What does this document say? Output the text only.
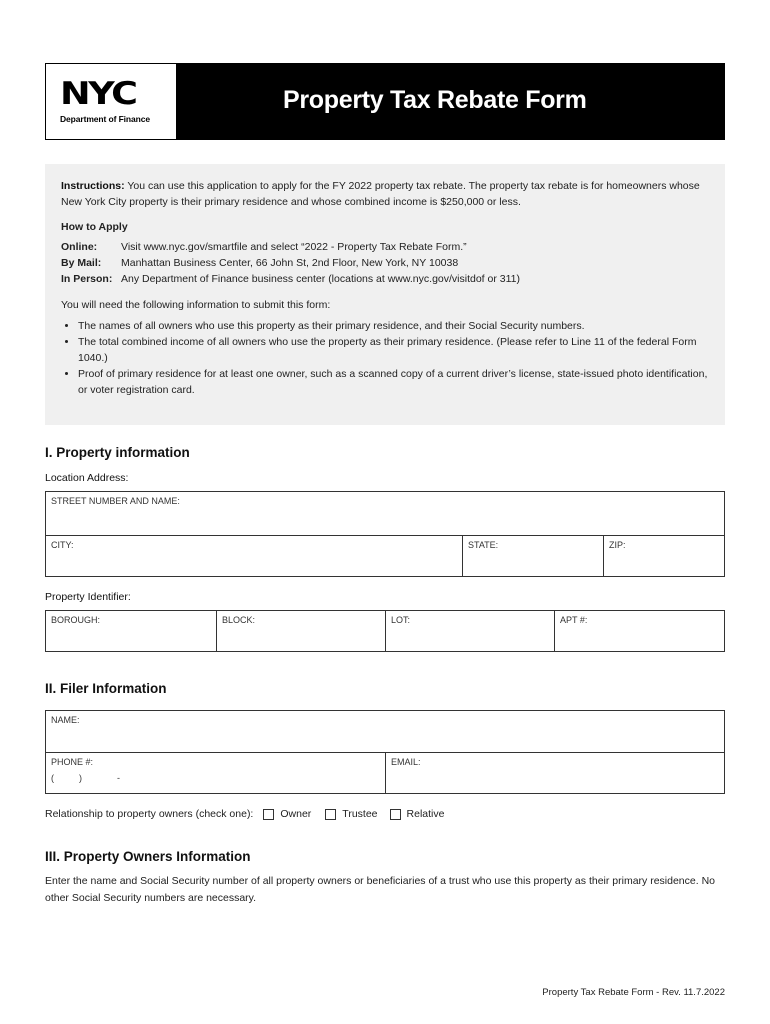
NYC
Department of Finance
Property Tax Rebate Form

Instructions: You can use this application to apply for the FY 2022 property tax rebate. The property tax rebate is for homeowners whose New York City property is their primary residence and whose combined income is $250,000 or less.

How to Apply

Online:	Visit www.nyc.gov/smartfile and select “2022 - Property Tax Rebate Form.”
By Mail:	Manhattan Business Center, 66 John St, 2nd Floor, New York, NY 10038
In Person: Any Department of Finance business center (locations at www.nyc.gov/visitdof or 311)

You will need the following information to submit this form:

• The names of all owners who use this property as their primary residence, and their Social Security numbers.
• The total combined income of all owners who use the property as their primary residence. (Please refer to Line 11 of the federal Form 1040.)
• Proof of primary residence for at least one owner, such as a scanned copy of a current driver’s license, state-issued photo identification, or voter registration card.
I. Property information
Location Address:
STREET NUMBER AND NAME:
CITY:	STATE:	ZIP:
Property Identifier:
BOROUGH:	BLOCK:	LOT:	APT #:
II. Filer Information
NAME:
PHONE #:
(          )              -
EMAIL:
Relationship to property owners (check one):	Owner	Trustee	Relative
III. Property Owners Information
Enter the name and Social Security number of all property owners or beneficiaries of a trust who use this property as their primary residence. No other Social Security numbers are necessary.
Property Tax Rebate Form - Rev. 11.7.2022
